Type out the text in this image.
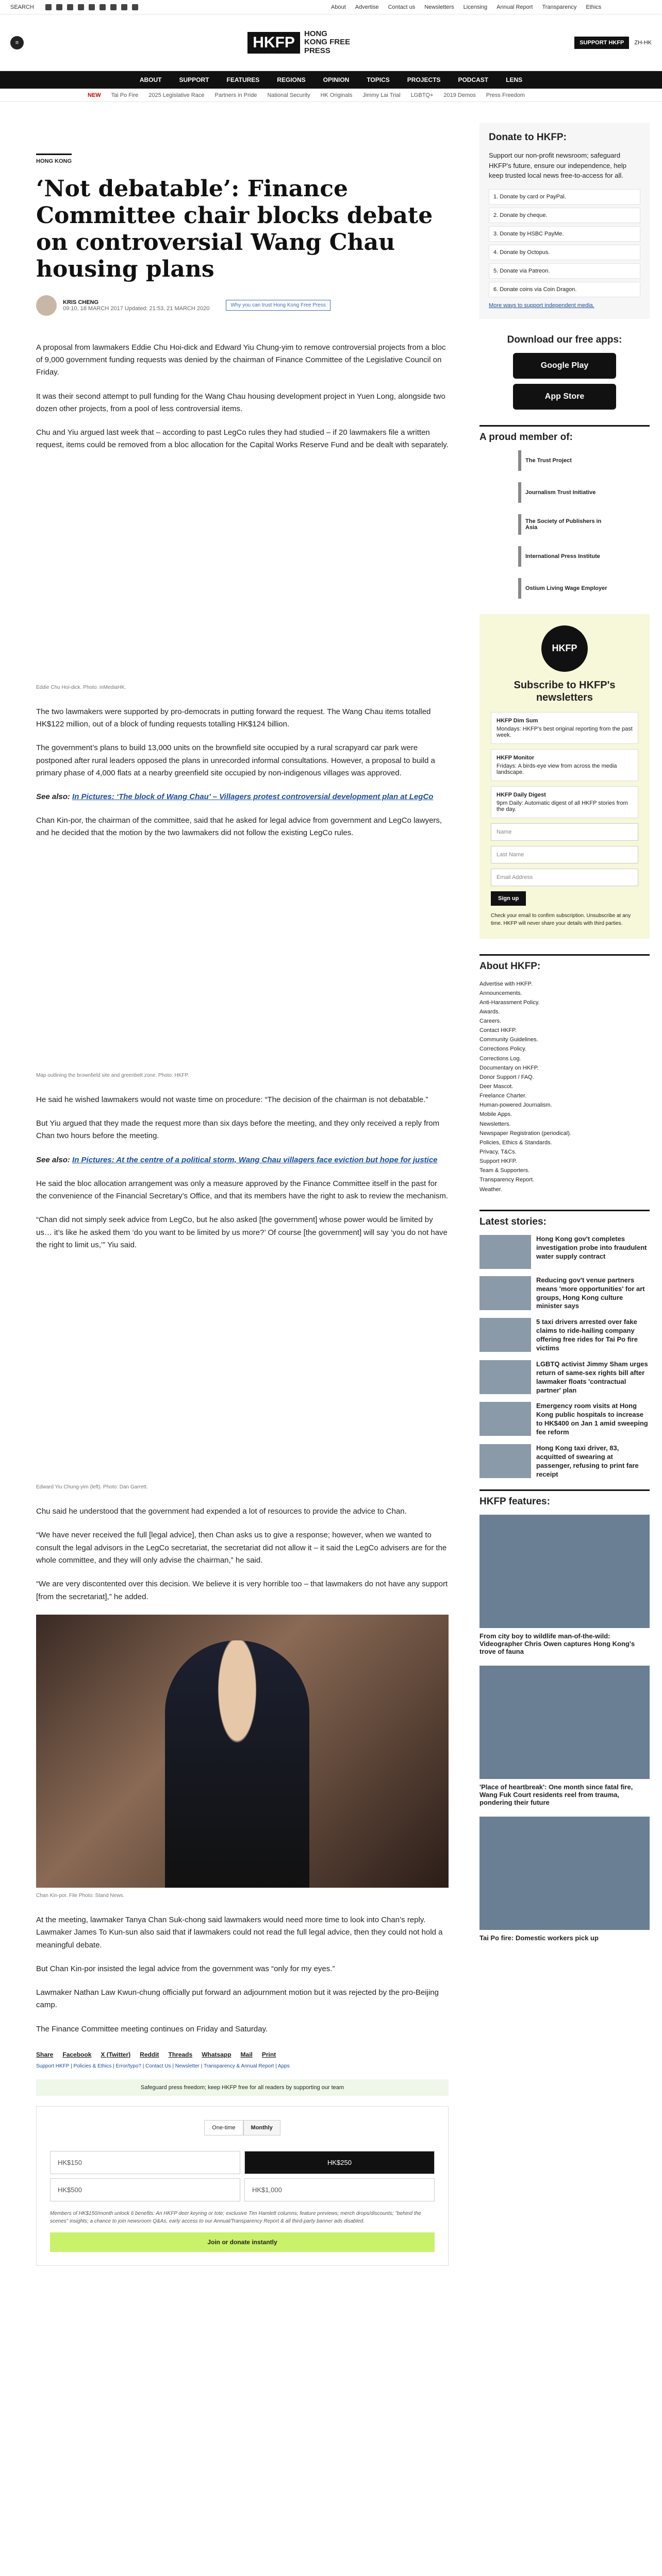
SEARCH	About Advertise Contact us Newsletters Licensing Annual Report Transparency Ethics
≡	HKFP
HONG KONG FREE PRESS
SUPPORT HKFP	ZH-HK
ABOUT	SUPPORT	FEATURES	REGIONS	OPINION	TOPICS	PROJECTS	PODCAST	LENS
NEW Tai Po Fire 2025 Legislative Race Partners in Pride National Security HK Originals Jimmy Lai Trial LGBTQ+ 2019 Demos Press Freedom
HONG KONG
‘Not debatable’: Finance Committee chair blocks debate on controversial Wang Chau housing plans
KRIS CHENG
09:10, 18 MARCH 2017 Updated: 21:53, 21 MARCH 2020	Why you can trust Hong Kong Free Press

A proposal from lawmakers Eddie Chu Hoi-dick and Edward Yiu Chung-yim to remove controversial projects from a bloc of 9,000 government funding requests was denied by the chairman of Finance Committee of the Legislative Council on Friday.

It was their second attempt to pull funding for the Wang Chau housing development project in Yuen Long, alongside two dozen other projects, from a pool of less controversial items.

Chu and Yiu argued last week that – according to past LegCo rules they had studied – if 20 lawmakers file a written request, items could be removed from a bloc allocation for the Capital Works Reserve Fund and be dealt with separately.

Eddie Chu Hoi-dick. Photo: inMediaHK.

The two lawmakers were supported by pro-democrats in putting forward the request. The Wang Chau items totalled HK$122 million, out of a block of funding requests totalling HK$124 billion.

The government’s plans to build 13,000 units on the brownfield site occupied by a rural scrapyard car park were postponed after rural leaders opposed the plans in unrecorded informal consultations. However, a proposal to build a primary phase of 4,000 flats at a nearby greenfield site occupied by non-indigenous villages was approved.

See also: In Pictures: ‘The block of Wang Chau’ – Villagers protest controversial development plan at LegCo

Chan Kin-por, the chairman of the committee, said that he asked for legal advice from government and LegCo lawyers, and he decided that the motion by the two lawmakers did not follow the existing LegCo rules.

Map outlining the brownfield site and greenbelt zone. Photo: HKFP.

He said he wished lawmakers would not waste time on procedure: “The decision of the chairman is not debatable.”

But Yiu argued that they made the request more than six days before the meeting, and they only received a reply from Chan two hours before the meeting.

See also: In Pictures: At the centre of a political storm, Wang Chau villagers face eviction but hope for justice

He said the bloc allocation arrangement was only a measure approved by the Finance Committee itself in the past for the convenience of the Financial Secretary’s Office, and that its members have the right to ask to review the mechanism.

“Chan did not simply seek advice from LegCo, but he also asked [the government] whose power would be limited by us… it’s like he asked them ‘do you want to be limited by us more?’ Of course [the government] will say ‘you do not have the right to limit us,’” Yiu said.

Edward Yiu Chung-yim (left). Photo: Dan Garrett.

Chu said he understood that the government had expended a lot of resources to provide the advice to Chan.

“We have never received the full [legal advice], then Chan asks us to give a response; however, when we wanted to consult the legal advisors in the LegCo secretariat, the secretariat did not allow it – it said the LegCo advisers are for the whole committee, and they will only advise the chairman,” he said.

“We are very discontented over this decision. We believe it is very horrible too – that lawmakers do not have any support [from the secretariat],” he added.

Chan Kin-por. File Photo: Stand News.

At the meeting, lawmaker Tanya Chan Suk-chong said lawmakers would need more time to look into Chan’s reply. Lawmaker James To Kun-sun also said that if lawmakers could not read the full legal advice, then they could not hold a meaningful debate.

But Chan Kin-por insisted the legal advice from the government was “only for my eyes.”

Lawmaker Nathan Law Kwun-chung officially put forward an adjournment motion but it was rejected by the pro-Beijing camp.

The Finance Committee meeting continues on Friday and Saturday.

Share Facebook X (Twitter) Reddit Threads Whatsapp Mail Print
Support HKFP | Policies & Ethics | Error/typo? | Contact Us | Newsletter | Transparency & Annual Report | Apps
Safeguard press freedom; keep HKFP free for all readers by supporting our team
One-time	Monthly
HK$150	HK$250
HK$500	HK$1,000
Members of HK$150/month unlock 6 benefits: An HKFP deer keyring or tote; exclusive Tim Hamlett columns; feature previews; merch drops/discounts; "behind the scenes" insights; a chance to join newsroom Q&As, early access to our Annual/Transparency Report & all third-party banner ads disabled.
Join or donate instantly
Donate to HKFP:

Support our non-profit newsroom; safeguard HKFP's future, ensure our independence, help keep trusted local news free-to-access for all.

1. Donate by card or PayPal.
2. Donate by cheque.
3. Donate by HSBC PayMe.
4. Donate by Octopus.
5. Donate via Patreon.
6. Donate coins via Coin Dragon.
More ways to support independent media.
Download our free apps:
Google Play
App Store
A proud member of:
The Trust Project
Journalism Trust Initiative
The Society of Publishers in Asia
International Press Institute
Ostium Living Wage Employer
HKFP
Subscribe to HKFP's newsletters
HKFP Dim Sum
Mondays: HKFP's best original reporting from the past week.
HKFP Monitor
Fridays: A birds-eye view from across the media landscape.
HKFP Daily Digest
9pm Daily: Automatic digest of all HKFP stories from the day.
Name
Last Name
Email Address
Sign up
Check your email to confirm subscription. Unsubscribe at any time. HKFP will never share your details with third parties.
About HKFP:
Advertise with HKFP.
Announcements.
Anti-Harassment Policy.
Awards.
Careers.
Contact HKFP.
Community Guidelines.
Corrections Policy.
Corrections Log.
Documentary on HKFP.
Donor Support / FAQ.
Deer Mascot.
Freelance Charter.
Human-powered Journalism.
Mobile Apps.
Newsletters.
Newspaper Registration (periodical).
Policies, Ethics & Standards.
Privacy, T&Cs.
Support HKFP.
Team & Supporters.
Transparency Report.
Weather.
Latest stories:
Hong Kong gov't completes investigation probe into fraudulent water supply contract
Reducing gov't venue partners means 'more opportunities' for art groups, Hong Kong culture minister says
5 taxi drivers arrested over fake claims to ride-hailing company offering free rides for Tai Po fire victims
LGBTQ activist Jimmy Sham urges return of same-sex rights bill after lawmaker floats 'contractual partner' plan
Emergency room visits at Hong Kong public hospitals to increase to HK$400 on Jan 1 amid sweeping fee reform
Hong Kong taxi driver, 83, acquitted of swearing at passenger, refusing to print fare receipt
HKFP features:
From city boy to wildlife man-of-the-wild: Videographer Chris Owen captures Hong Kong's trove of fauna
'Place of heartbreak': One month since fatal fire, Wang Fuk Court residents reel from trauma, pondering their future
Tai Po fire: Domestic workers pick up
